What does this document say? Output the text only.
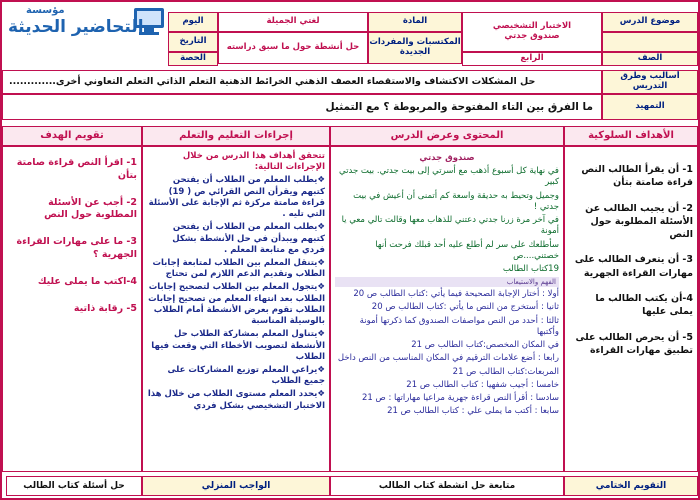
مؤسسة
التحاضير الحديثة	موضوع الدرس
الاختبار التشخيصي
صندوق جدتي
المادة
لغتي الجميلة
اليوم
المكتسبات والمفردات الجديدة
حل أنشطة حول ما سبق دراسته
التاريخ
الصف
الرابع
الحصة
أساليب وطرق التدريس
حل المشكلات الاكتشاف والاستقصاء العصف الذهني الخرائط الذهنية التعلم الذاتي التعلم التعاوني أخرى.............
التمهيد
ما الفرق بين التاء المفتوحة والمربوطة ؟ مع التمثيل
الأهداف السلوكية
المحتوى وعرض الدرس
إجراءات التعليم والتعلم
تقويم الهدف

1- أن يقرأ الطالب النص قراءة صامتة بتأن

2- أن يجيب الطالب عن الأسئلة المطلوبة حول النص

3- أن يتعرف الطالب على مهارات القراءة الجهرية

4-أن يكتب الطالب ما يملى عليها

5- أن يحرص الطالب على تطبيق مهارات القراءة

صندوق جدتي

في نهاية كل أسبوع أذهب مع أسرتي إلى بيت جدتي. بيت جدتي كبير

وجميل وتحيط به حديقة واسعة كم أتمنى أن أعيش في بيت جدتي !

في آخر مرة زرنا جدتي دعتني للذهاب معها وقالت تالي معي يا أمونة

سأطلعك على سر لم أطلع عليه أحد قبلك فرحت أنها خصتني....ص

19كتاب الطالب

الفهم والاستيعاب

أولا : أختار الإجابة الصحيحة فيما يأتي :كتاب الطالب ص 20

ثانيا : أستخرج من النص ما يأتي :كتاب الطالب ص 20

ثالثا : أحدد من النص مواصفات الصندوق كما ذكرتها أمونة وأكتبها

في المكان المخصص:كتاب الطالب ص 21

رابعا : أضع علامات الترقيم في المكان المناسب من النص داخل

المربعات:كتاب الطالب ص 21

خامسا : أجيب شفهيا : كتاب الطالب ص 21

سادسا : أقرأ النص قراءة جهرية مراعيا مهاراتها : ص 21

سابعا : أكتب ما يملى علي : كتاب الطالب ص 21

تتحقق أهداف هذا الدرس من خلال الإجراءات التالية:

❖يطلب المعلم من الطلاب أن يفتحن كتبهم ويقرأن النص القرائي ص ( 19) قراءة صامتة مركزة ثم الإجابة على الأسئلة التي تليه .

❖يطلب المعلم من الطلاب أن يفتحن كتبهم ويبدأن في حل الأنشطة بشكل فردي مع متابعة المعلم .

❖يتنقل المعلم بين الطلاب لمتابعة إجابات الطلاب وتقديم الدعم اللازم لمن تحتاج

❖يتجول المعلم بين الطلاب لتصحيح إجابات الطلاب بعد انتهاء المعلم من تصحيح إجابات الطلاب تقوم بعرض الأنشطة أمام الطلاب بالوسيلة المناسبة

❖يتناول المعلم بمشاركة الطلاب حل الأنشطة لتصويب الأخطاء التي وقعت فيها الطلاب

❖يراعي المعلم توزيع المشاركات على جميع الطلاب

❖يحدد المعلم مستوى الطلاب من خلال هذا الاختبار التشخيصي بشكل فردي

1- اقرأ النص قراءة صامتة بتأن

2- أجب عن الأسئلة المطلوبة حول النص

3- ما على مهارات القراءة الجهرية ؟

4-اكتب ما يملى عليك

5- رقابة ذاتية

التقويم الختامي
متابعة حل انشطة كتاب الطالب
الواجب المنزلي
حل أسئلة كتاب الطالب
